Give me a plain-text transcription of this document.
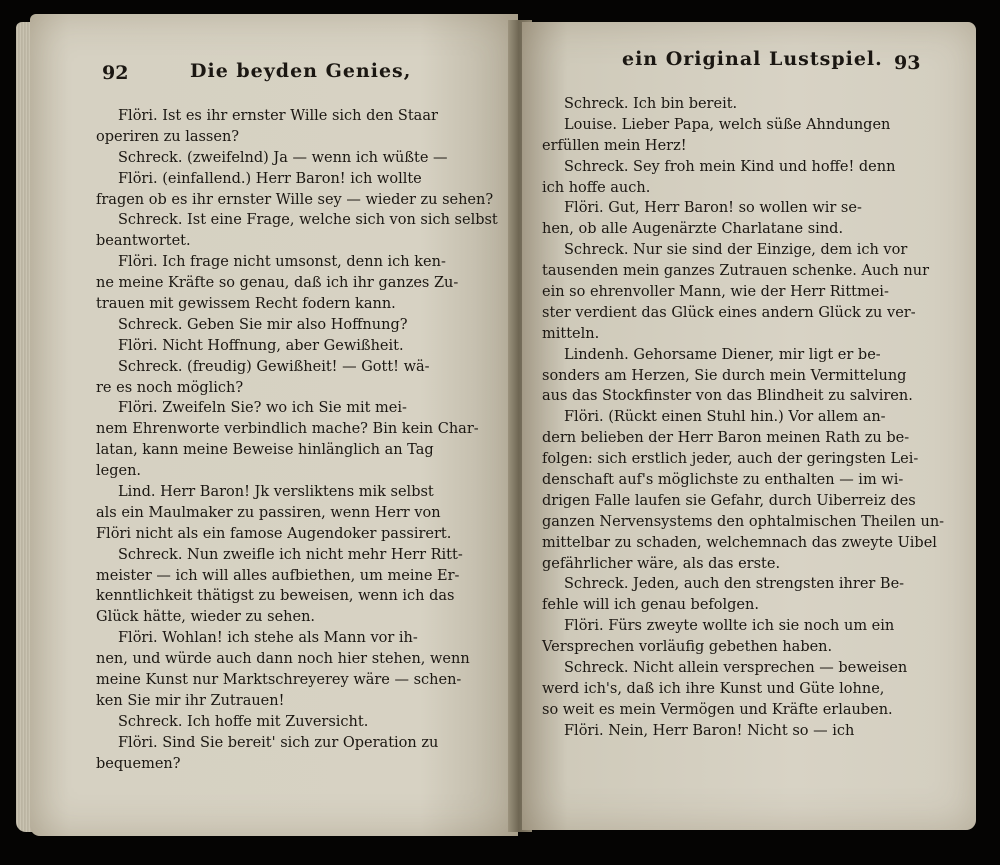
92	Die beyden Genies,
Flöri. Ist es ihr ernster Wille sich den Staar
operiren zu lassen?
Schreck. (zweifelnd) Ja — wenn ich wüßte —
Flöri. (einfallend.) Herr Baron! ich wollte
fragen ob es ihr ernster Wille sey — wieder zu sehen?
Schreck. Ist eine Frage, welche sich von sich selbst
beantwortet.
Flöri. Ich frage nicht umsonst, denn ich ken-
ne meine Kräfte so genau, daß ich ihr ganzes Zu-
trauen mit gewissem Recht fodern kann.
Schreck. Geben Sie mir also Hoffnung?
Flöri. Nicht Hoffnung, aber Gewißheit.
Schreck. (freudig) Gewißheit! — Gott! wä-
re es noch möglich?
Flöri. Zweifeln Sie? wo ich Sie mit mei-
nem Ehrenworte verbindlich mache? Bin kein Char-
latan, kann meine Beweise hinlänglich an Tag
legen.
Lind. Herr Baron! Jk versliktens mik selbst
als ein Maulmaker zu passiren, wenn Herr von
Flöri nicht als ein famose Augendoker passirert.
Schreck. Nun zweifle ich nicht mehr Herr Ritt-
meister — ich will alles aufbiethen, um meine Er-
kenntlichkeit thätigst zu beweisen, wenn ich das
Glück hätte, wieder zu sehen.
Flöri. Wohlan! ich stehe als Mann vor ih-
nen, und würde auch dann noch hier stehen, wenn
meine Kunst nur Marktschreyerey wäre — schen-
ken Sie mir ihr Zutrauen!
Schreck. Ich hoffe mit Zuversicht.
Flöri. Sind Sie bereit' sich zur Operation zu
bequemen?
ein Original Lustspiel. 93
Schreck. Ich bin bereit.
Louise. Lieber Papa, welch süße Ahndungen
erfüllen mein Herz!
Schreck. Sey froh mein Kind und hoffe! denn
ich hoffe auch.
Flöri. Gut, Herr Baron! so wollen wir se-
hen, ob alle Augenärzte Charlatane sind.
Schreck. Nur sie sind der Einzige, dem ich vor
tausenden mein ganzes Zutrauen schenke. Auch nur
ein so ehrenvoller Mann, wie der Herr Rittmei-
ster verdient das Glück eines andern Glück zu ver-
mitteln.
Lindenh. Gehorsame Diener, mir ligt er be-
sonders am Herzen, Sie durch mein Vermittelung
aus das Stockfinster von das Blindheit zu salviren.
Flöri. (Rückt einen Stuhl hin.) Vor allem an-
dern belieben der Herr Baron meinen Rath zu be-
folgen: sich erstlich jeder, auch der geringsten Lei-
denschaft auf's möglichste zu enthalten — im wi-
drigen Falle laufen sie Gefahr, durch Uiberreiz des
ganzen Nervensystems den ophtalmischen Theilen un-
mittelbar zu schaden, welchemnach das zweyte Uibel
gefährlicher wäre, als das erste.
Schreck. Jeden, auch den strengsten ihrer Be-
fehle will ich genau befolgen.
Flöri. Fürs zweyte wollte ich sie noch um ein
Versprechen vorläufig gebethen haben.
Schreck. Nicht allein versprechen — beweisen
werd ich's, daß ich ihre Kunst und Güte lohne,
so weit es mein Vermögen und Kräfte erlauben.
Flöri. Nein, Herr Baron! Nicht so — ich
